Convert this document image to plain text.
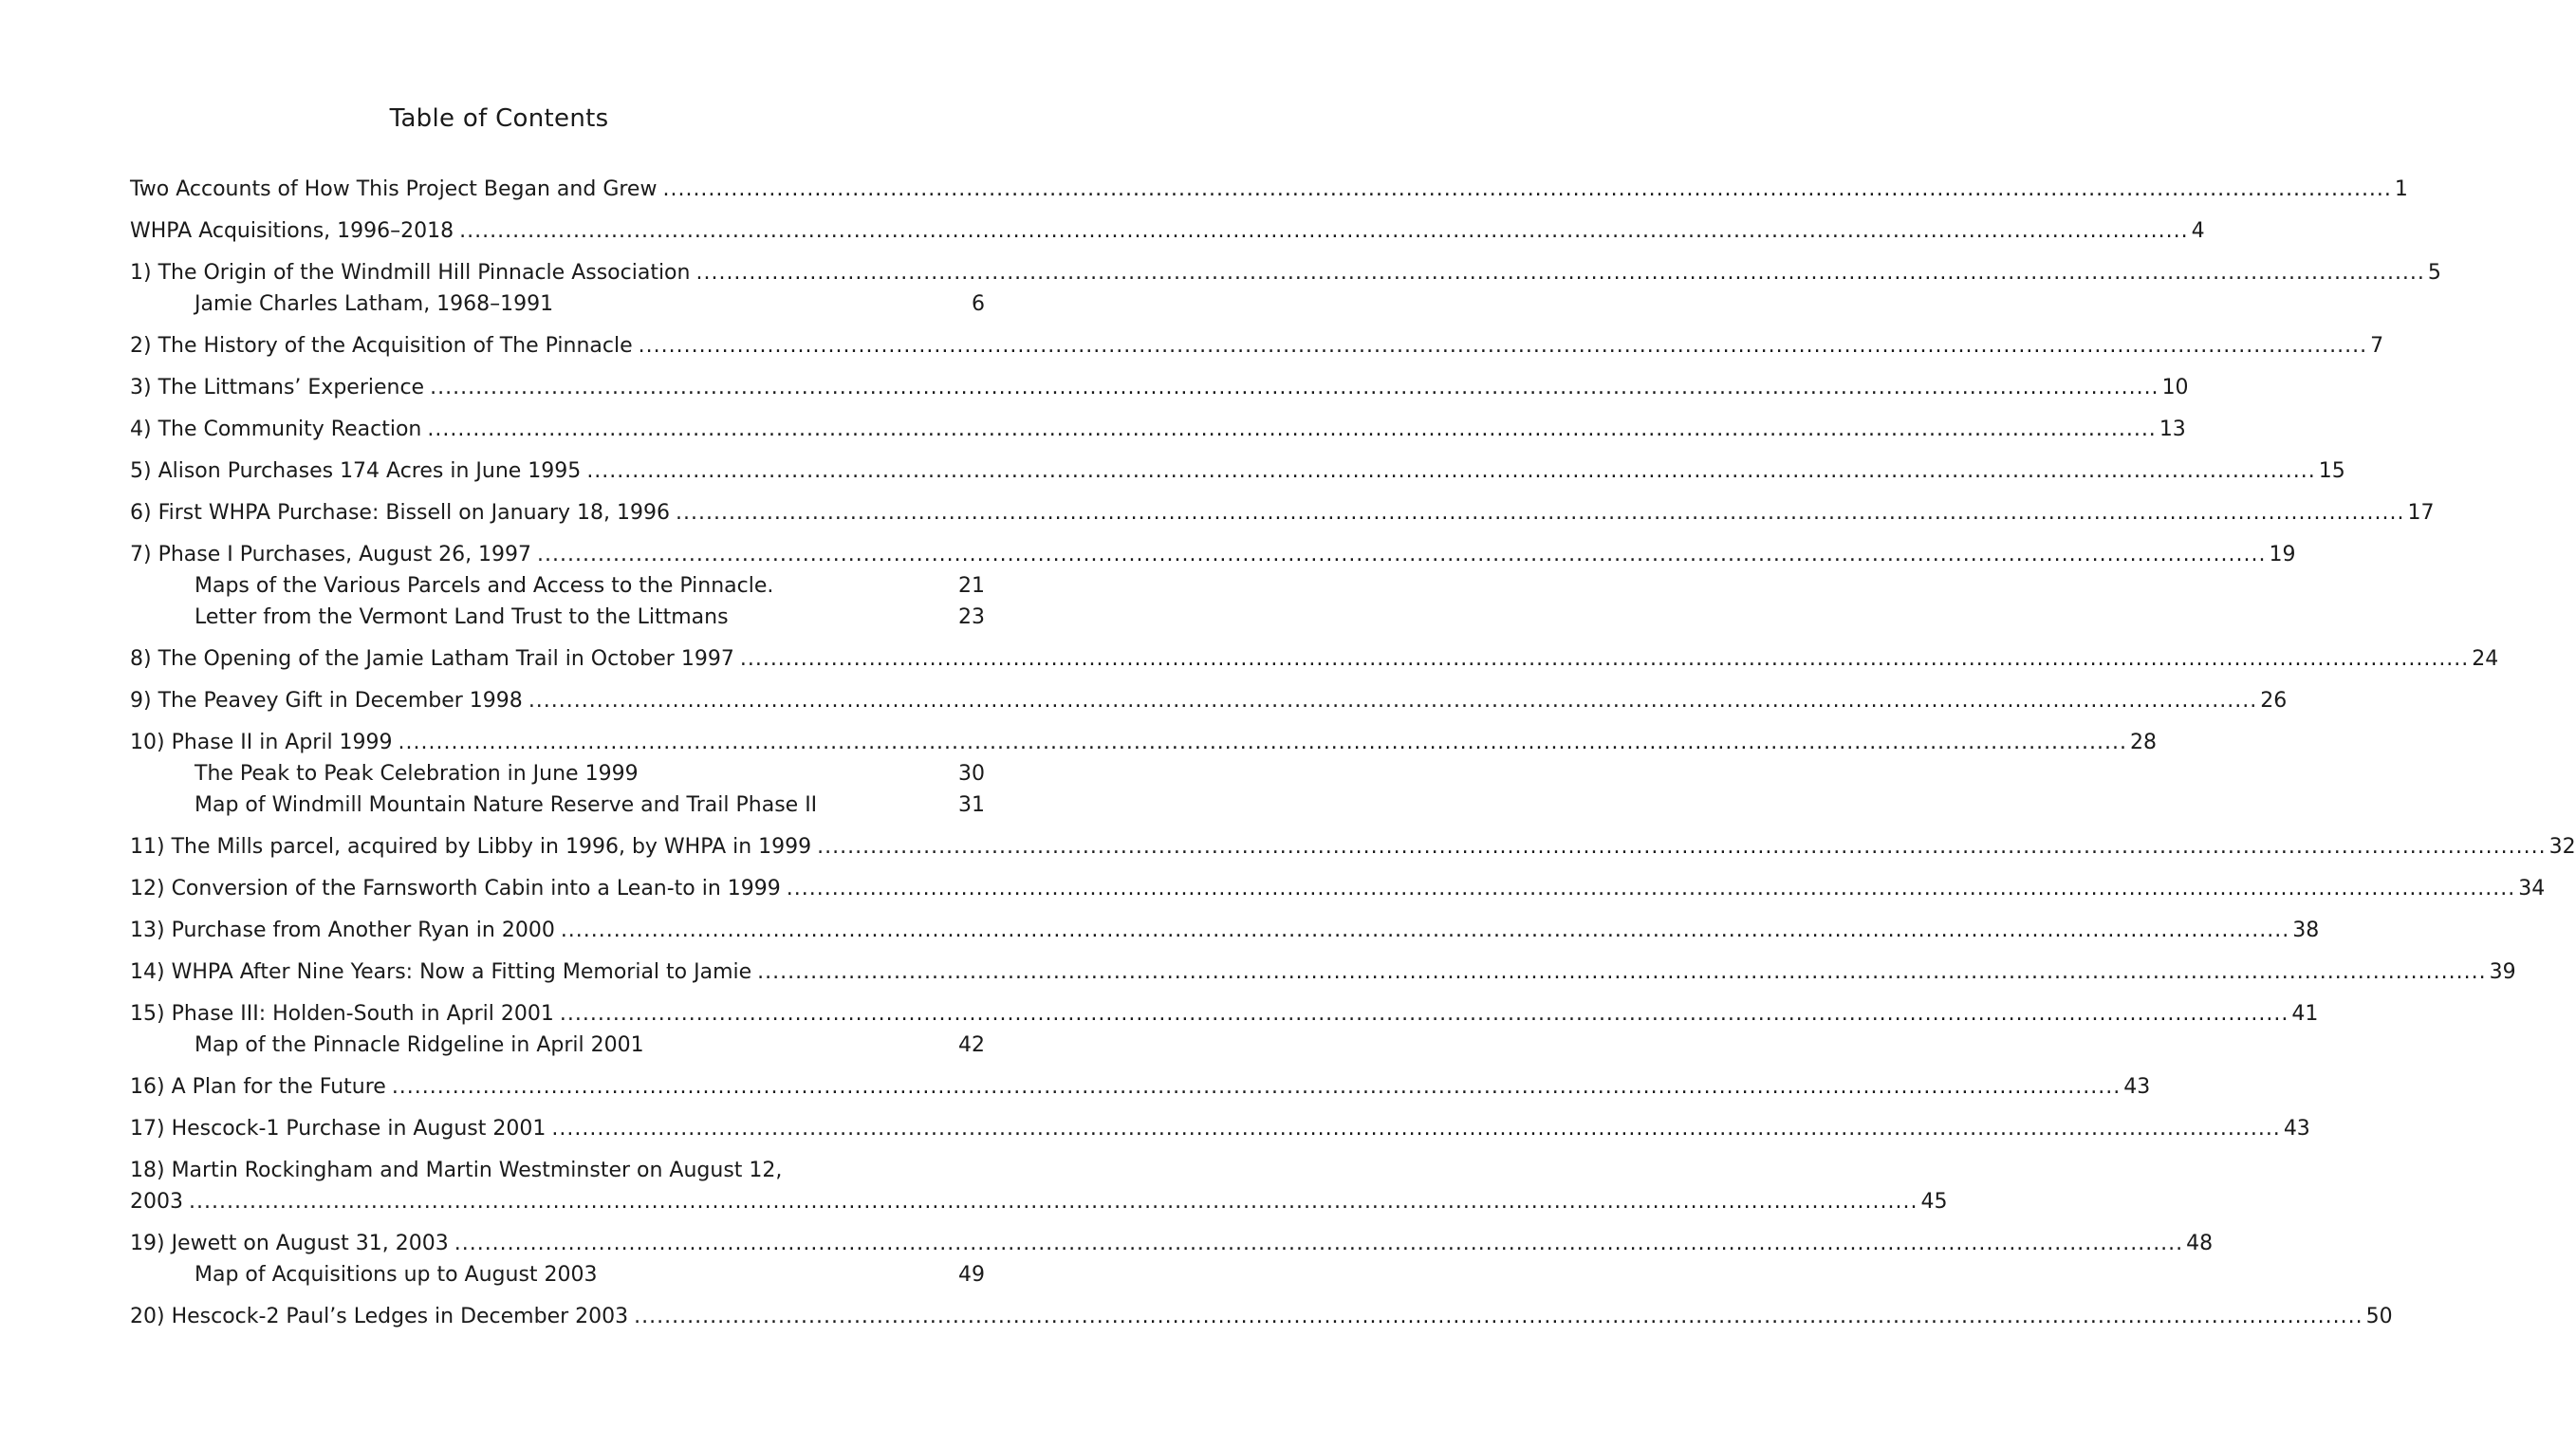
Table of Contents
Two Accounts of How This Project Began and Grew .....	1
WHPA Acquisitions, 1996–2018 .....	4
1) The Origin of the Windmill Hill Pinnacle Association .....	5
Jamie Charles Latham, 1968–1991	6
2) The History of the Acquisition of The Pinnacle .....	7
3) The Littmans’ Experience .....	10
4) The Community Reaction .....	13
5) Alison Purchases 174 Acres in June 1995 .....	15
6) First WHPA Purchase: Bissell on January 18, 1996 .....	17
7) Phase I Purchases, August 26, 1997 .....	19
Maps of the Various Parcels and Access to the Pinnacle.	21
Letter from the Vermont Land Trust to the Littmans	23
8) The Opening of the Jamie Latham Trail in October 1997 .....	24
9) The Peavey Gift in December 1998 .....	26
10) Phase II in April 1999 .....	28
The Peak to Peak Celebration in June 1999	30
Map of Windmill Mountain Nature Reserve and Trail Phase II	31
11) The Mills parcel, acquired by Libby in 1996, by WHPA in 1999 .....	32
12) Conversion of the Farnsworth Cabin into a Lean-to in 1999 .....	34
13) Purchase from Another Ryan in 2000 .....	38
14) WHPA After Nine Years: Now a Fitting Memorial to Jamie .....	39
15) Phase III: Holden-South in April 2001 .....	41
Map of the Pinnacle Ridgeline in April 2001	42
16) A Plan for the Future .....	43
17) Hescock-1 Purchase in August 2001 .....	43
18) Martin Rockingham and Martin Westminster on August 12,
2003 .....	45
19) Jewett on August 31, 2003 .....	48
Map of Acquisitions up to August 2003	49
20) Hescock-2 Paul’s Ledges in December 2003 .....	50
